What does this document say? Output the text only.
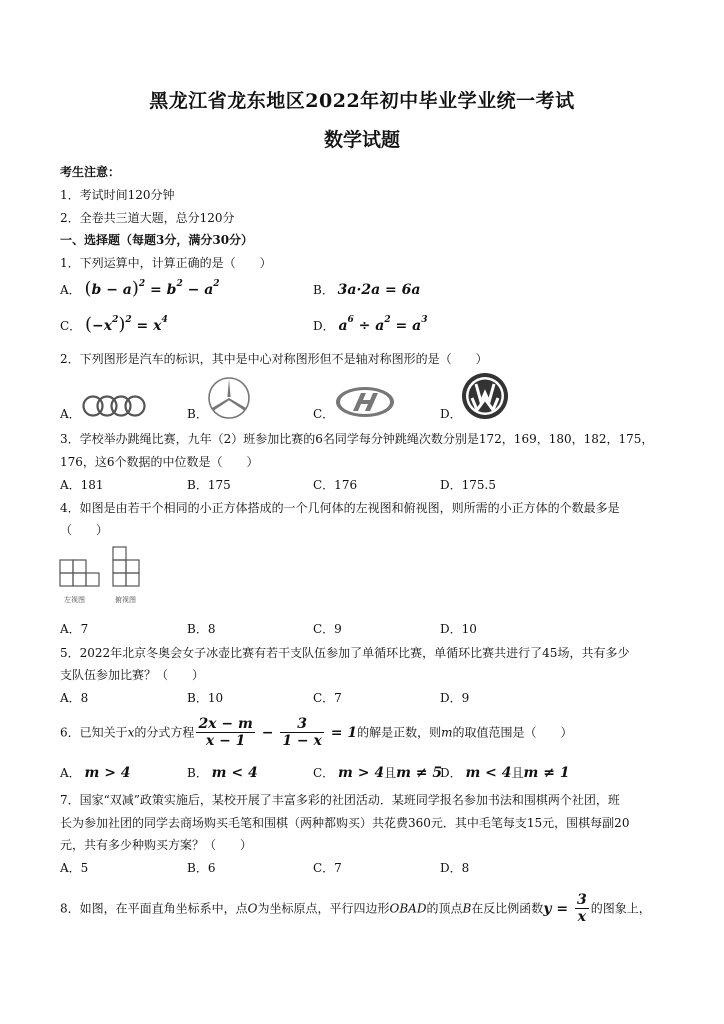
黑龙江省龙东地区2022年初中毕业学业统一考试
数学试题
考生注意：
1．考试时间120分钟
2．全卷共三道大题，总分120分
一、选择题（每题3分，满分30分）
1．下列运算中，计算正确的是（　　）
A． $(b - a)^2 = b^2 - a^2$	B． 3a·2a = 6a
C． $(-x^2)^2 = x^4$	D． $a^6 \div a^2 = a^3$
2．下列图形是汽车的标识，其中是中心对称图形但不是轴对称图形的是（　　）
A．	B．	C．	D．
3．学校举办跳绳比赛，九年（2）班参加比赛的6名同学每分钟跳绳次数分别是172，169，180，182，175，
176，这6个数据的中位数是（　　）
A．181	B．175	C．176	D．175.5
4．如图是由若干个相同的小正方体搭成的一个几何体的左视图和俯视图，则所需的小正方体的个数最多是
（　　）
左视图	俯视图
A．7	B．8	C．9	D．10
5．2022年北京冬奥会女子冰壶比赛有若干支队伍参加了单循环比赛，单循环比赛共进行了45场，共有多少
支队伍参加比赛？（　　）
A．8	B．10	C．7	D．9
6．已知关于x的分式方程 $\frac{2x - m}{x - 1} - \frac{3}{1 - x} = 1$的解是正数，则m的取值范围是（　　）
A． m > 4	B． m < 4	C． m > 4且m ≠ 5
D． m < 4且m ≠ 1
7．国家“双减”政策实施后，某校开展了丰富多彩的社团活动．某班同学报名参加书法和围棋两个社团，班
长为参加社团的同学去商场购买毛笔和围棋（两种都购买）共花费360元．其中毛笔每支15元，围棋每副20
元，共有多少种购买方案？（　　）
A．5	B．6	C．7	D．8
8．如图，在平面直角坐标系中，点O为坐标原点，平行四边形OBAD的顶点B在反比例函数$y = \frac{3}{x}$ 的图象上，
